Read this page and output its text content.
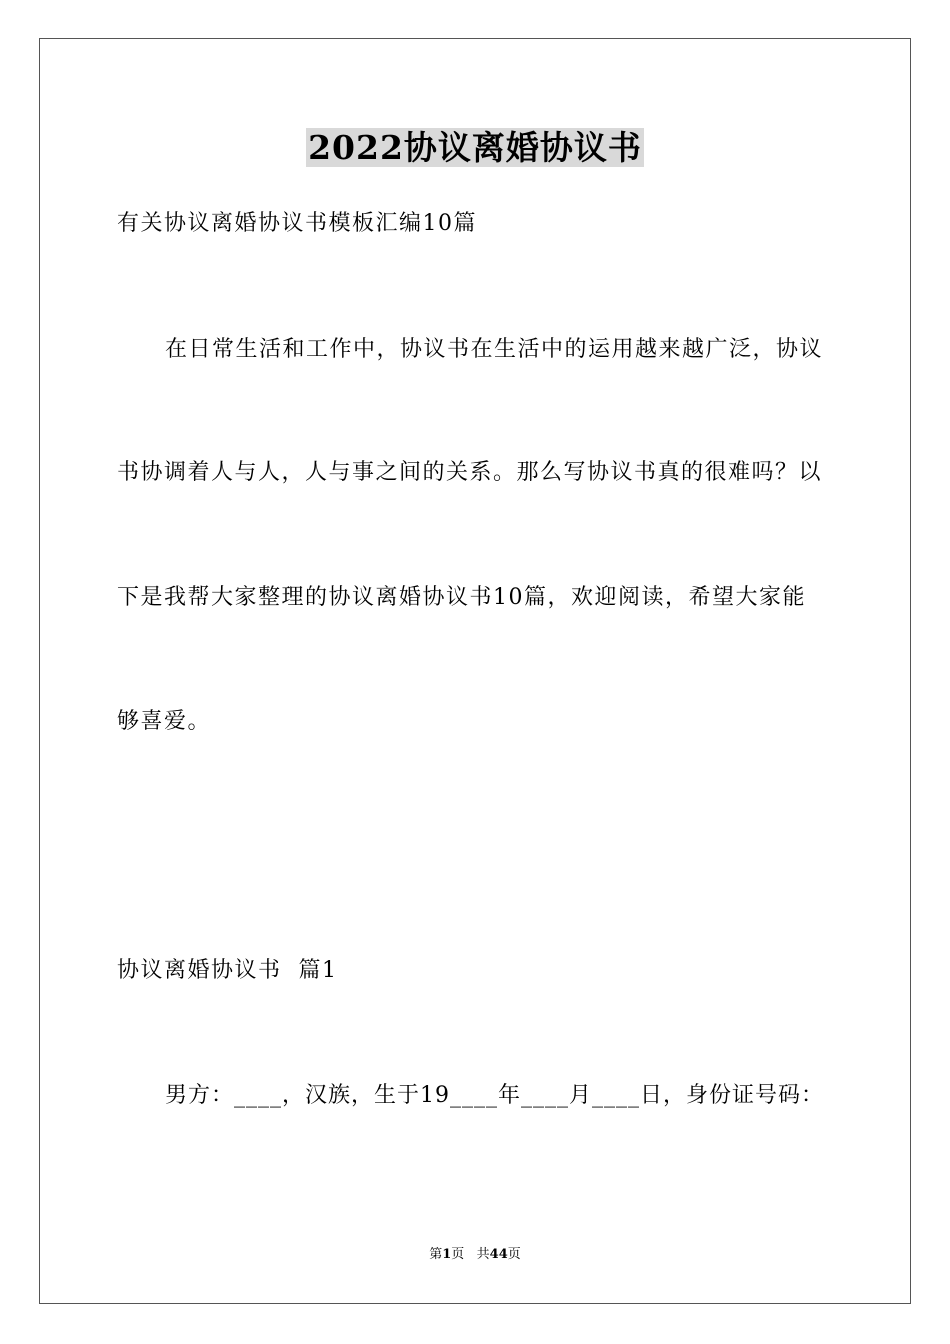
2022协议离婚协议书
有关协议离婚协议书模板汇编10篇
在日常生活和工作中，协议书在生活中的运用越来越广泛，协议
书协调着人与人，人与事之间的关系。那么写协议书真的很难吗？以
下是我帮大家整理的协议离婚协议书10篇，欢迎阅读，希望大家能
够喜爱。
协议离婚协议书  篇1
男方：____，汉族，生于19____年____月____日，身份证号码：
第1页   共44页
